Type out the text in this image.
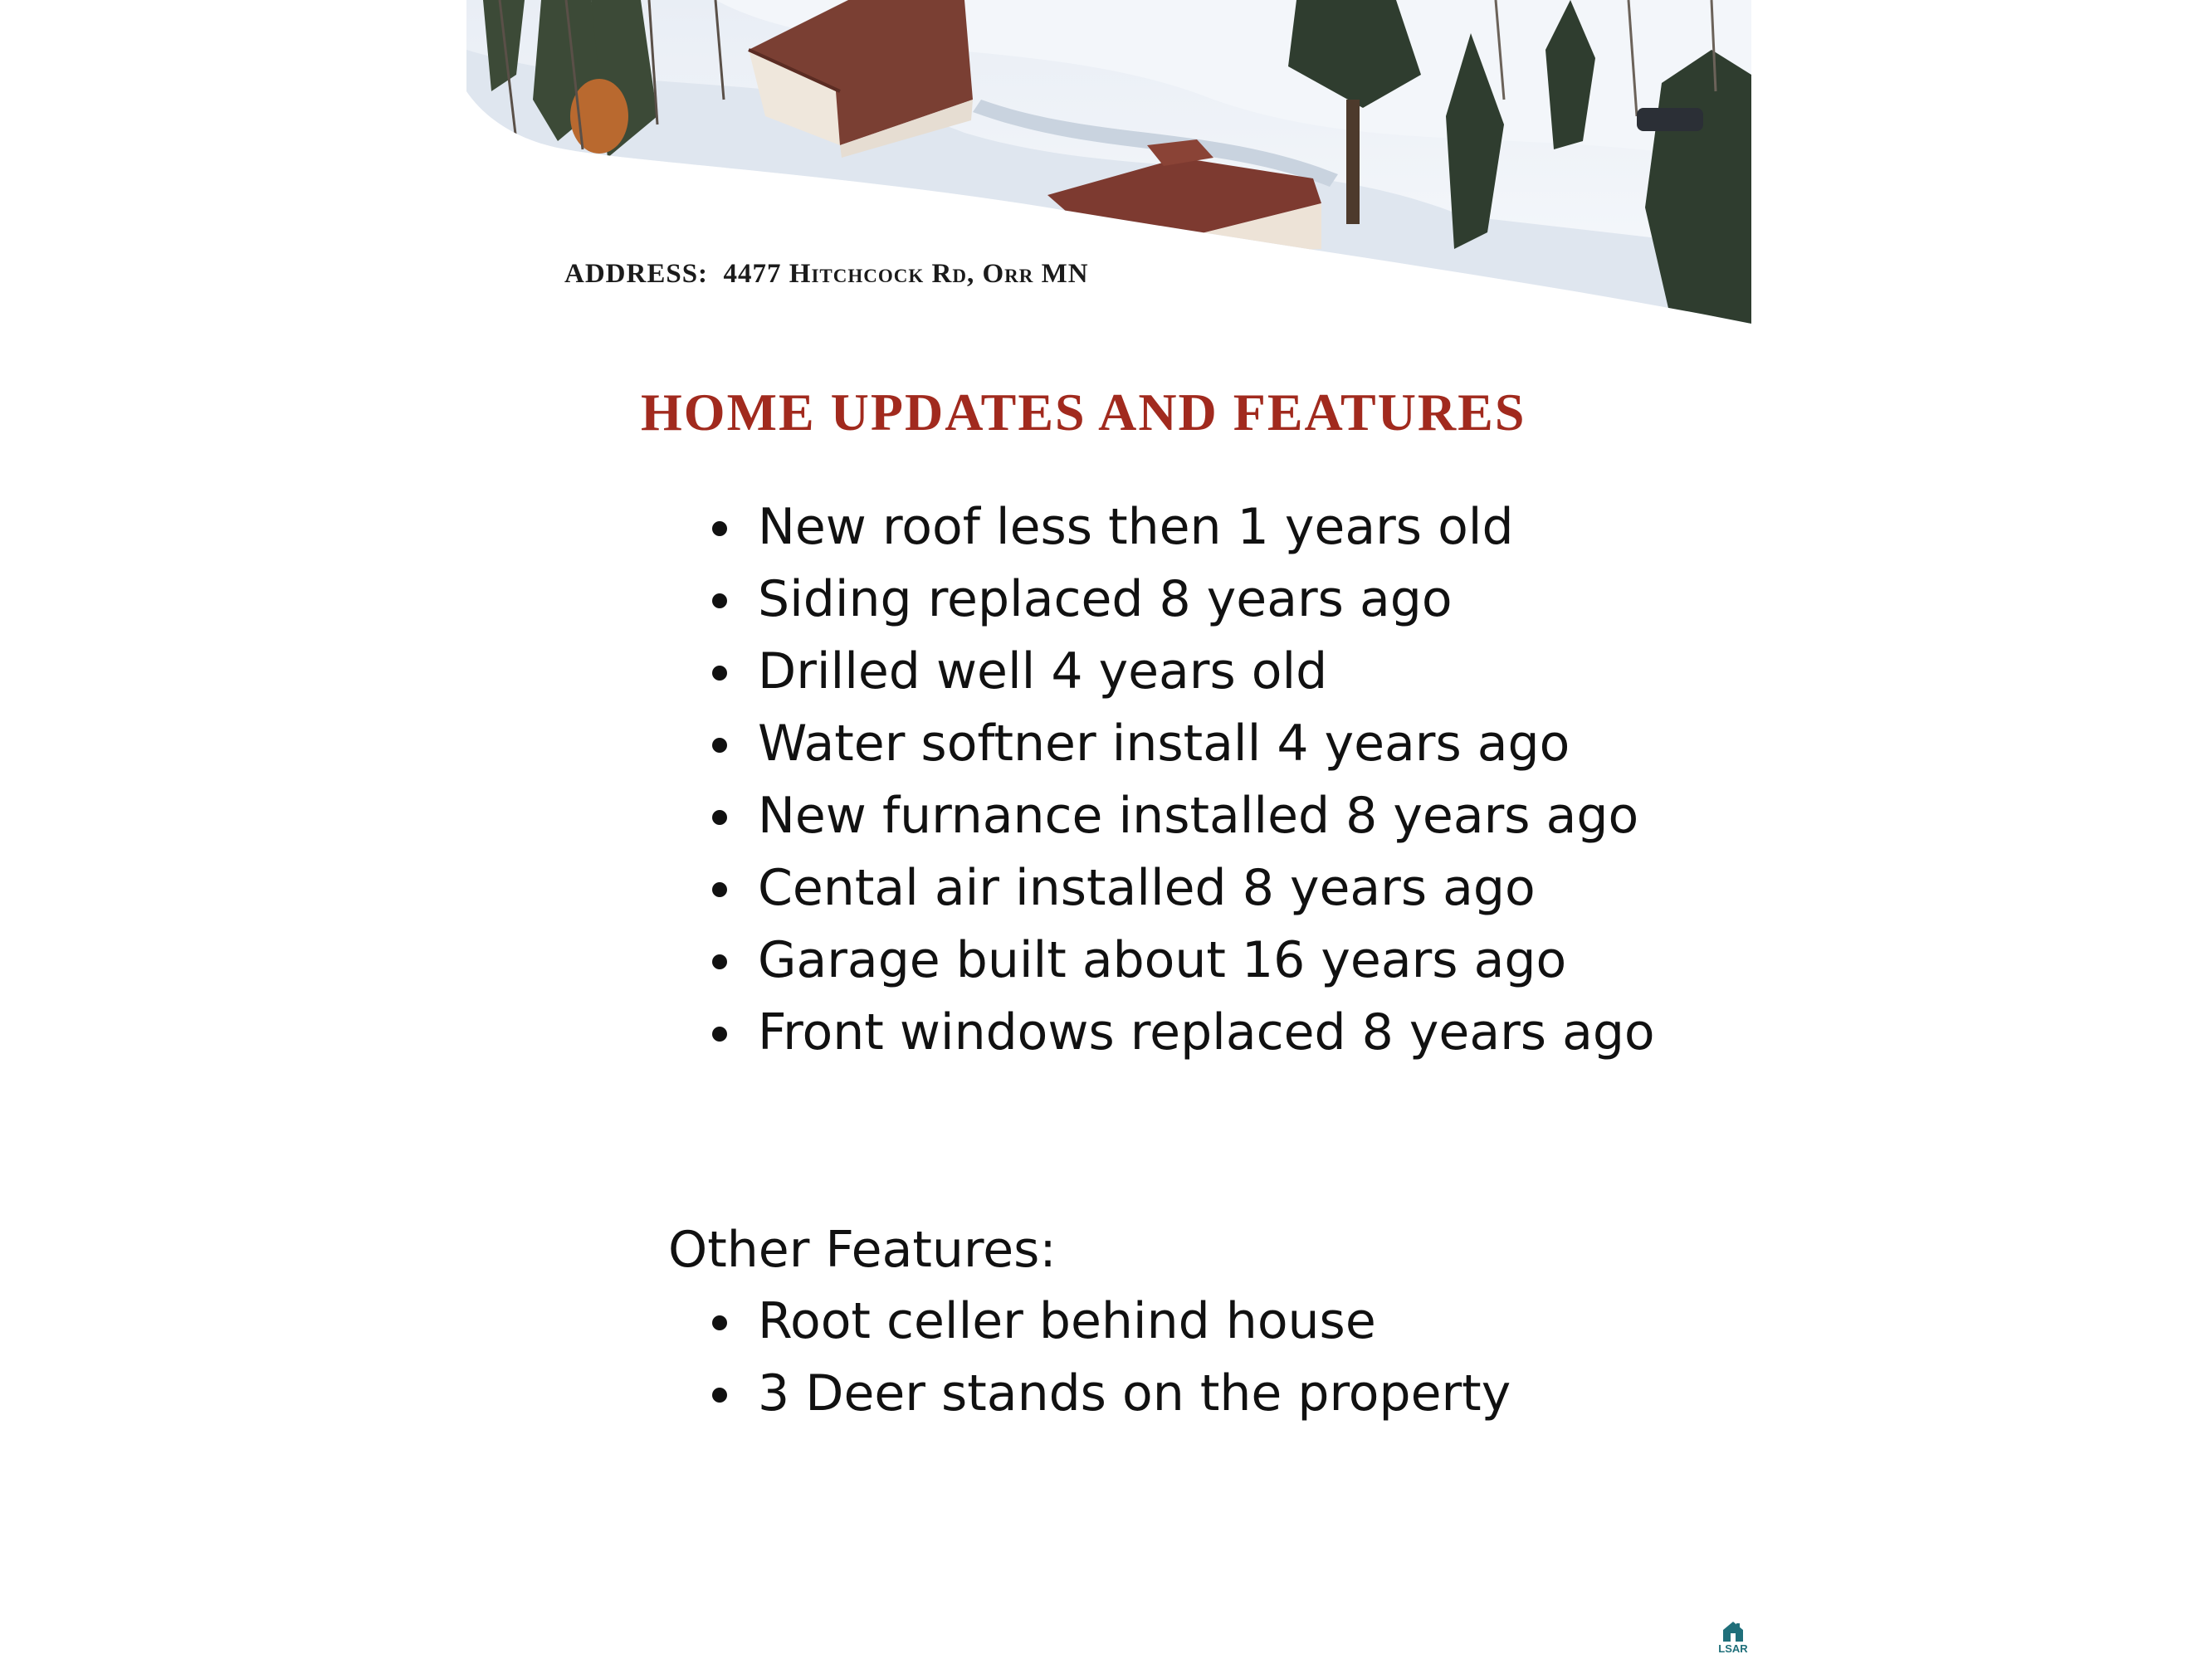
ADDRESS: 4477 Hitchcock Rd, Orr MN
HOME UPDATES AND FEATURES
New roof less then 1 years old
Siding replaced 8 years ago
Drilled well 4 years old
Water softner install 4 years ago
New furnance installed 8 years ago
Cental air installed 8 years ago
Garage built about 16 years ago
Front windows replaced 8 years ago
Other Features:
Root celler behind house
3 Deer stands on the property
LSAR
